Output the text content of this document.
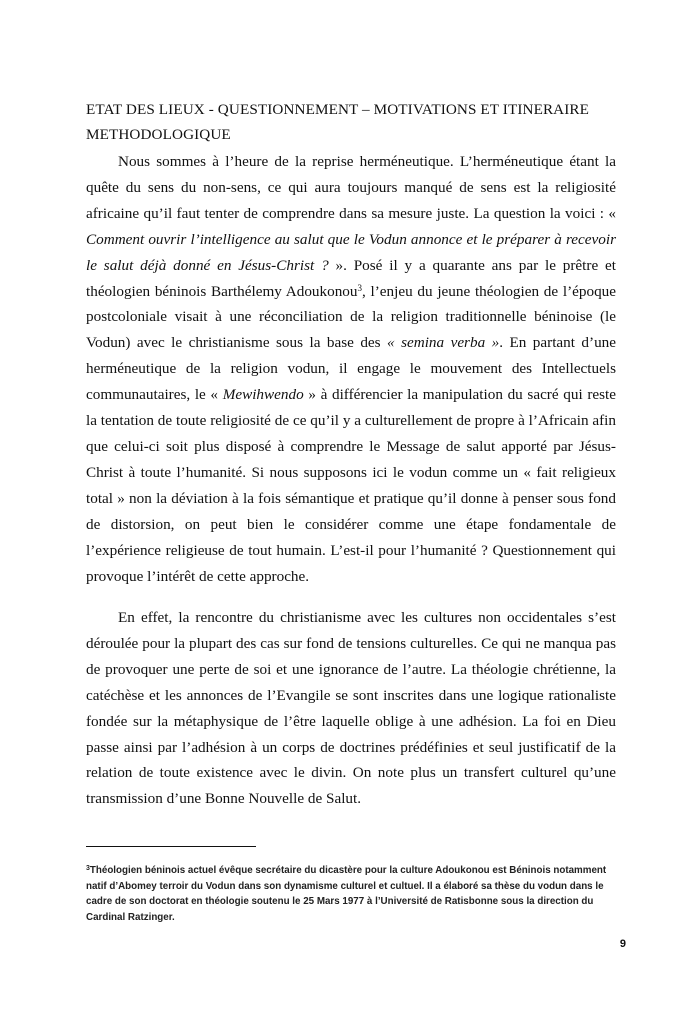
ETAT DES LIEUX - QUESTIONNEMENT – MOTIVATIONS ET ITINERAIRE METHODOLOGIQUE

Nous sommes à l’heure de la reprise herméneutique. L’herméneutique étant la quête du sens du non-sens, ce qui aura toujours manqué de sens est la religiosité africaine qu’il faut tenter de comprendre dans sa mesure juste. La question la voici : « Comment ouvrir l’intelligence au salut que le Vodun annonce et le préparer à recevoir le salut déjà donné en Jésus-Christ ? ». Posé il y a quarante ans par le prêtre et théologien béninois Barthélemy Adoukonou$^3$, l’enjeu du jeune théologien de l’époque postcoloniale visait à une réconciliation de la religion traditionnelle béninoise (le Vodun) avec le christianisme sous la base des « semina verba ». En partant d’une herméneutique de la religion vodun, il engage le mouvement des Intellectuels communautaires, le « Mewihwendo » à différencier la manipulation du sacré qui reste la tentation de toute religiosité de ce qu’il y a culturellement de propre à l’Africain afin que celui-ci soit plus disposé à comprendre le Message de salut apporté par Jésus-Christ à toute l’humanité. Si nous supposons ici le vodun comme un « fait religieux total » non la déviation à la fois sémantique et pratique qu’il donne à penser sous fond de distorsion, on peut bien le considérer comme une étape fondamentale de l’expérience religieuse de tout humain. L’est-il pour l’humanité ? Questionnement qui provoque l’intérêt de cette approche.

En effet, la rencontre du christianisme avec les cultures non occidentales s’est déroulée pour la plupart des cas sur fond de tensions culturelles. Ce qui ne manqua pas de provoquer une perte de soi et une ignorance de l’autre. La théologie chrétienne, la catéchèse et les annonces de l’Evangile se sont inscrites dans une logique rationaliste fondée sur la métaphysique de l’être laquelle oblige à une adhésion. La foi en Dieu passe ainsi par l’adhésion à un corps de doctrines prédéfinies et seul justificatif de la relation de toute existence avec le divin. On note plus un transfert culturel qu’une transmission d’une Bonne Nouvelle de Salut.

$^3$Théologien béninois actuel évêque secrétaire du dicastère pour la culture Adoukonou est Béninois notamment natif d’Abomey terroir du Vodun dans son dynamisme culturel et cultuel. Il a élaboré sa thèse du vodun dans le cadre de son doctorat en théologie soutenu le 25 Mars 1977 à l’Université de Ratisbonne sous la direction du Cardinal Ratzinger.

9
